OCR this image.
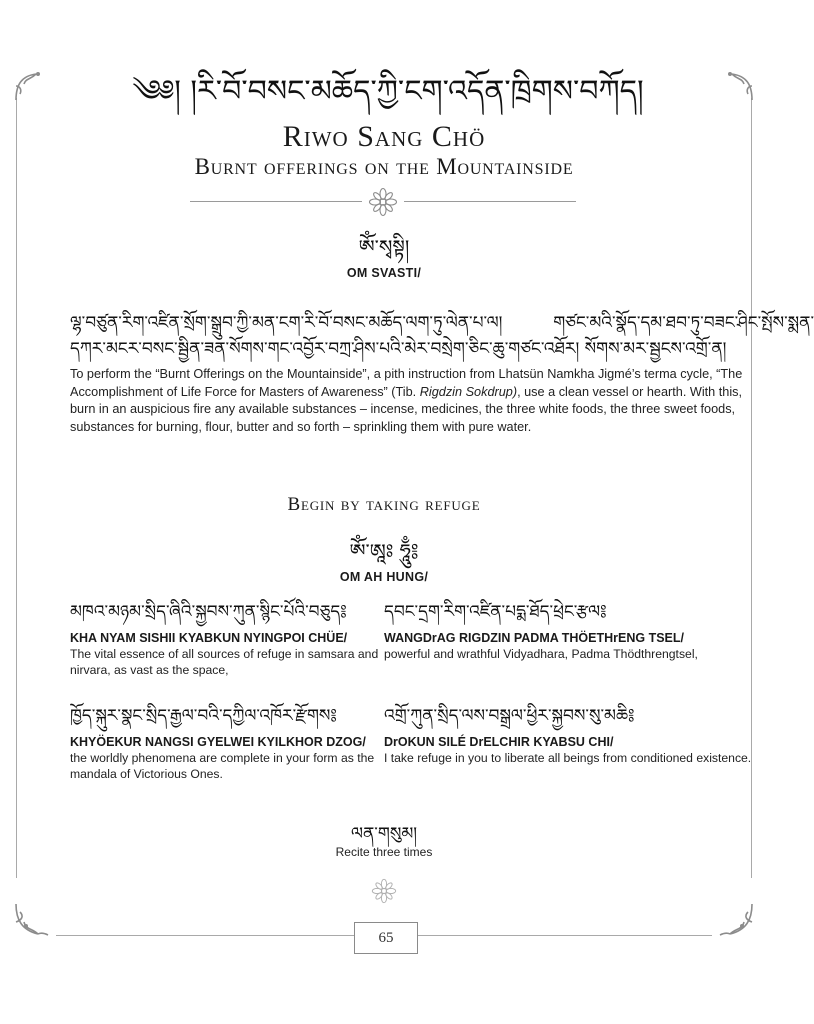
༄༅། །རི་བོ་བསང་མཆོད་ཀྱི་ངག་འདོན་ཁྲིགས་བཀོད།
Riwo Sang Chö
Burnt offerings on the Mountainside
ཨོཾ་སྭསྟི།
OM SVASTI/
ལྷ་བཙུན་རིག་འཛིན་སྲོག་སྒྲུབ་ཀྱི་མན་ངག་རི་བོ་བསང་མཆོད་ལག་ཏུ་ལེན་པ་ལ།	གཙང་མའི་སྣོད་དམ་ཐབ་ཏུ་བཟང་ཤིང་སྤོས་སྨན་
དཀར་མངར་བསང་སྦྱིན་ཟན་སོགས་གང་འབྱོར་བཀྲ་ཤིས་པའི་མེར་བསྲེག་ཅིང་ཆུ་གཙང་འཐོར། སོགས་མར་སྦྱངས་འགྲོ་ན།
To perform the “Burnt Offerings on the Mountainside”, a pith instruction from Lhatsün Namkha Jigmé’s terma cycle, “The Accomplishment of Life Force for Masters of Awareness” (Tib. Rigdzin Sokdrup), use a clean vessel or hearth. With this, burn in an auspicious fire any available substances – incense, medicines, the three white foods, the three sweet foods, substances for burning, flour, butter and so forth – sprinkling them with pure water.
Begin by taking refuge
ཨོཾ་ཨཱཿ ཧཱུྃ༔
OM AH HUNG/
མཁའ་མཉམ་སྲིད་ཞིའི་སྐྱབས་ཀུན་སྙིང་པོའི་བཅུད༔
KHA NYAM SISHII KYABKUN NYINGPOI CHÜE/
The vital essence of all sources of refuge in samsara and nirvara, as vast as the space,
དབང་དྲག་རིག་འཛིན་པདྨ་ཐོད་ཕྲེང་རྩལ༔
WANGDrAG RIGDZIN PADMA THÖETHrENG TSEL/
powerful and wrathful Vidyadhara, Padma Thödthrengtsel,
ཁྱོད་སྐུར་སྣང་སྲིད་རྒྱལ་བའི་དཀྱིལ་འཁོར་རྫོགས༔
KHYÖEKUR NANGSI GYELWEI KYILKHOR DZOG/
the worldly phenomena are complete in your form as the mandala of Victorious Ones.
འགྲོ་ཀུན་སྲིད་ལས་བསྒྲལ་ཕྱིར་སྐྱབས་སུ་མཆི༔
DrOKUN SILÉ DrELCHIR KYABSU CHI/
I take refuge in you to liberate all beings from conditioned existence.
ལན་གསུམ།
Recite three times
65
